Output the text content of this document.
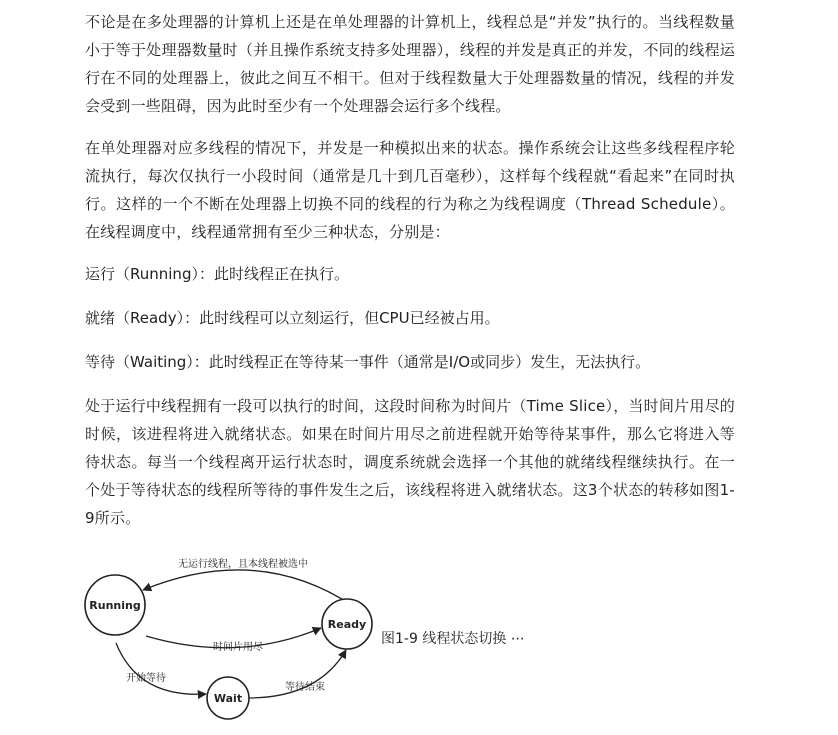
不论是在多处理器的计算机上还是在单处理器的计算机上，线程总是“并发”执行的。当线程数量小于等于处理器数量时（并且操作系统支持多处理器），线程的并发是真正的并发，不同的线程运行在不同的处理器上，彼此之间互不相干。但对于线程数量大于处理器数量的情况，线程的并发会受到一些阻碍，因为此时至少有一个处理器会运行多个线程。

在单处理器对应多线程的情况下，并发是一种模拟出来的状态。操作系统会让这些多线程程序轮流执行，每次仅执行一小段时间（通常是几十到几百毫秒），这样每个线程就“看起来”在同时执行。这样的一个不断在处理器上切换不同的线程的行为称之为线程调度（Thread Schedule）。在线程调度中，线程通常拥有至少三种状态，分别是：

运行（Running）：此时线程正在执行。

就绪（Ready）：此时线程可以立刻运行，但CPU已经被占用。

等待（Waiting）：此时线程正在等待某一事件（通常是I/O或同步）发生，无法执行。

处于运行中线程拥有一段可以执行的时间，这段时间称为时间片（Time Slice），当时间片用尽的时候，该进程将进入就绪状态。如果在时间片用尽之前进程就开始等待某事件，那么它将进入等待状态。每当一个线程离开运行状态时，调度系统就会选择一个其他的就绪线程继续执行。在一个处于等待状态的线程所等待的事件发生之后，该线程将进入就绪状态。这3个状态的转移如图1-9所示。

Running
Ready
Wait
无运行线程，且本线程被选中
时间片用尽
开始等待
等待结束
图1-9 线程状态切换 ⋯
